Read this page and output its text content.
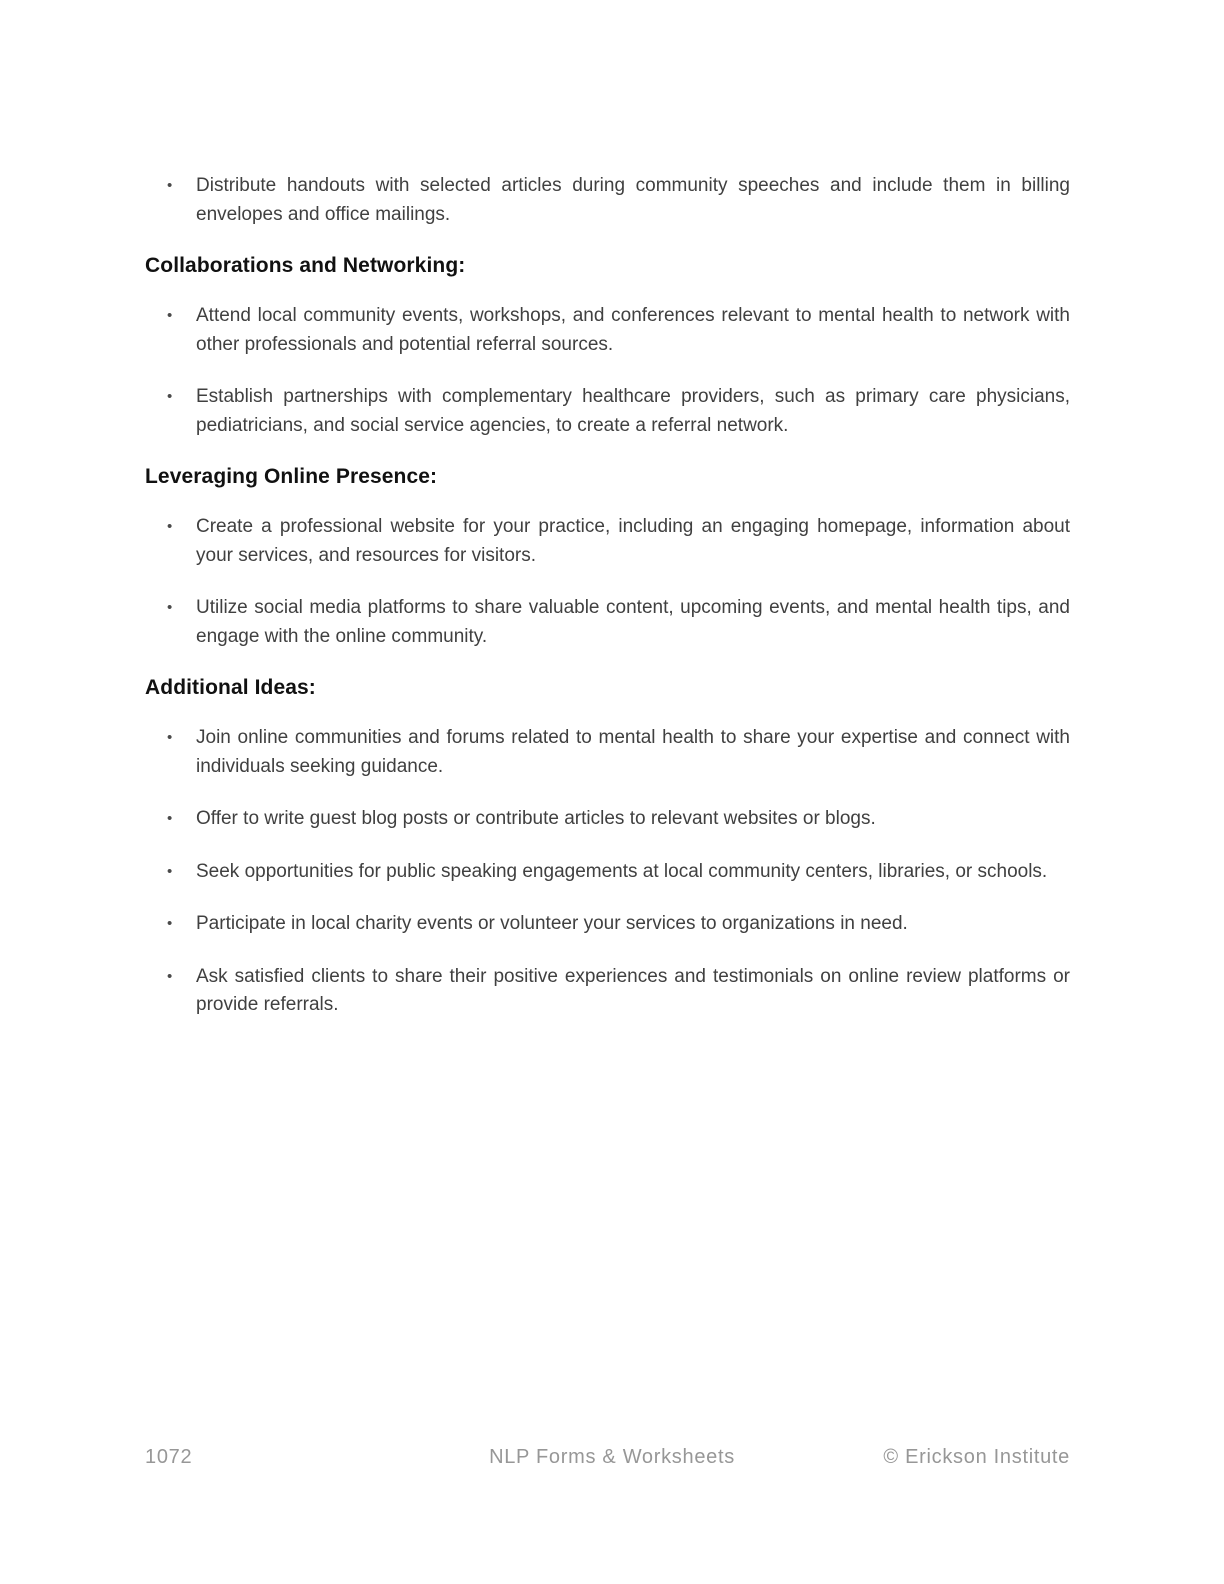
• Distribute handouts with selected articles during community speeches and include them in billing envelopes and office mailings.
Collaborations and Networking:
• Attend local community events, workshops, and conferences relevant to mental health to network with other professionals and potential referral sources.
• Establish partnerships with complementary healthcare providers, such as primary care physicians, pediatricians, and social service agencies, to create a referral network.
Leveraging Online Presence:
• Create a professional website for your practice, including an engaging homepage, information about your services, and resources for visitors.
• Utilize social media platforms to share valuable content, upcoming events, and mental health tips, and engage with the online community.
Additional Ideas:
• Join online communities and forums related to mental health to share your expertise and connect with individuals seeking guidance.
• Offer to write guest blog posts or contribute articles to relevant websites or blogs.
• Seek opportunities for public speaking engagements at local community centers, libraries, or schools.
• Participate in local charity events or volunteer your services to organizations in need.
• Ask satisfied clients to share their positive experiences and testimonials on online review platforms or provide referrals.
1072	NLP Forms & Worksheets	© Erickson Institute
